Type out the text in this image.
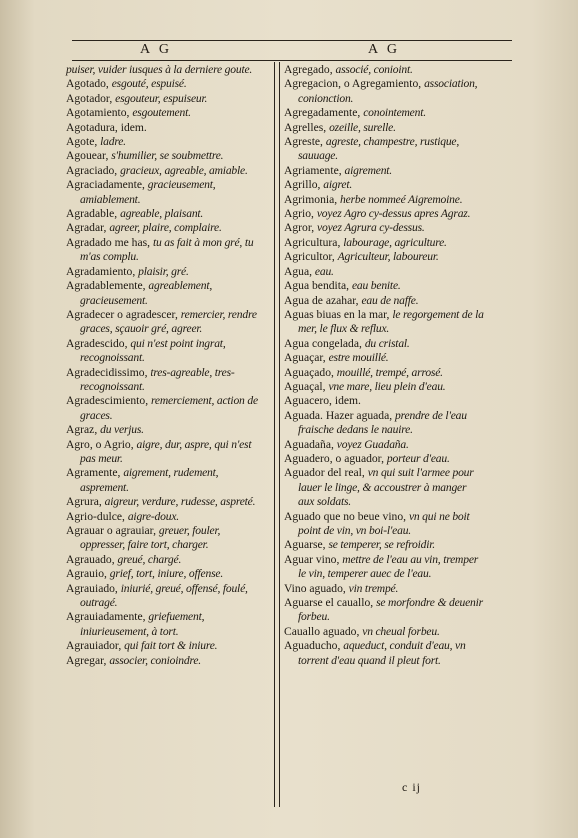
A G	A G

puiser, vuider iusques à la derniere goute.

Agotado, esgouté, espuisé.

Agotador, esgouteur, espuiseur.

Agotamiento, esgoutement.

Agotadura, idem.

Agote, ladre.

Agouear, s'humilier, se soubmettre.

Agraciado, gracieux, agreable, amiable.

Agraciadamente, gracieusement, amiablement.

Agradable, agreable, plaisant.

Agradar, agreer, plaire, complaire.

Agradado me has, tu as fait à mon gré, tu m'as complu.

Agradamiento, plaisir, gré.

Agradablemente, agreablement, gracieusement.

Agradecer o agradescer, remercier, rendre graces, sçauoir gré, agreer.

Agradescido, qui n'est point ingrat, recognoissant.

Agradecidissimo, tres-agreable, tres-recognoissant.

Agradescimiento, remerciement, action de graces.

Agraz, du verjus.

Agro, o Agrio, aigre, dur, aspre, qui n'est pas meur.

Agramente, aigrement, rudement, asprement.

Agrura, aigreur, verdure, rudesse, aspreté.

Agrio-dulce, aigre-doux.

Agrauar o agrauiar, greuer, fouler, oppresser, faire tort, charger.

Agrauado, greué, chargé.

Agrauio, grief, tort, iniure, offense.

Agrauiado, iniurié, greué, offensé, foulé, outragé.

Agrauiadamente, griefuement, iniurieusement, à tort.

Agrauiador, qui fait tort & iniure.

Agregar, associer, conioindre.

Agregado, associé, conioint.

Agregacion, o Agregamiento, association, conionction.

Agregadamente, conointement.

Agrelles, ozeille, surelle.

Agreste, agreste, champestre, rustique, sauuage.

Agriamente, aigrement.

Agrillo, aigret.

Agrimonia, herbe nommeé Aigremoine.

Agrio, voyez Agro cy-dessus apres Agraz.

Agror, voyez Agrura cy-dessus.

Agricultura, labourage, agriculture.

Agricultor, Agriculteur, laboureur.

Agua, eau.

Agua bendita, eau benite.

Agua de azahar, eau de naffe.

Aguas biuas en la mar, le regorgement de la mer, le flux & reflux.

Agua congelada, du cristal.

Aguaçar, estre mouillé.

Aguaçado, mouillé, trempé, arrosé.

Aguaçal, vne mare, lieu plein d'eau.

Aguacero, idem.

Aguada. Hazer aguada, prendre de l'eau fraische dedans le nauire.

Aguadaña, voyez Guadaña.

Aguadero, o aguador, porteur d'eau.

Aguador del real, vn qui suit l'armee pour lauer le linge, & accoustrer à manger aux soldats.

Aguado que no beue vino, vn qui ne boit point de vin, vn boi-l'eau.

Aguarse, se temperer, se refroidir.

Aguar vino, mettre de l'eau au vin, tremper le vin, temperer auec de l'eau.

Vino aguado, vin trempé.

Aguarse el cauallo, se morfondre & deuenir forbeu.

Cauallo aguado, vn cheual forbeu.

Aguaducho, aqueduct, conduit d'eau, vn torrent d'eau quand il pleut fort.

c ij
